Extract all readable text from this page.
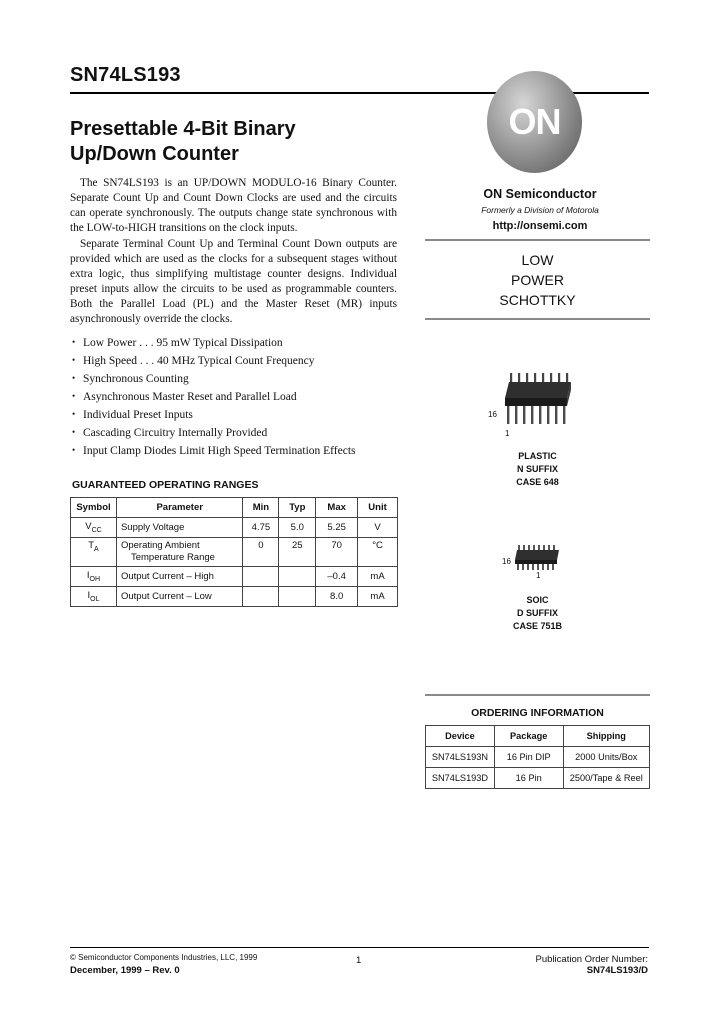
SN74LS193
Presettable 4-Bit Binary
Up/Down Counter
The SN74LS193 is an UP/DOWN MODULO-16 Binary Counter. Separate Count Up and Count Down Clocks are used and the circuits can operate synchronously. The outputs change state synchronous with the LOW-to-HIGH transitions on the clock inputs.
Separate Terminal Count Up and Terminal Count Down outputs are provided which are used as the clocks for a subsequent stages without extra logic, thus simplifying multistage counter designs. Individual preset inputs allow the circuits to be used as programmable counters. Both the Parallel Load (PL) and the Master Reset (MR) inputs asynchronously override the clocks.
• Low Power . . . 95 mW Typical Dissipation
• High Speed . . . 40 MHz Typical Count Frequency
• Synchronous Counting
• Asynchronous Master Reset and Parallel Load
• Individual Preset Inputs
• Cascading Circuitry Internally Provided
• Input Clamp Diodes Limit High Speed Termination Effects
GUARANTEED OPERATING RANGES
Symbol	Parameter	Min	Typ	Max	Unit
$V_{CC}$	Supply Voltage	4.75	5.0	5.25	V
$T_A$	Operating Ambient
Temperature Range	0	25	70	°C
$I_{OH}$	Output Current – High			–0.4	mA
$I_{OL}$	Output Current – Low			8.0	mA
ON
ON Semiconductor
Formerly a Division of Motorola
http://onsemi.com
LOW
POWER
SCHOTTKY
16
1
PLASTIC
N SUFFIX
CASE 648
16
1
SOIC
D SUFFIX
CASE 751B
ORDERING INFORMATION
Device	Package	Shipping
SN74LS193N	16 Pin DIP	2000 Units/Box
SN74LS193D	16 Pin	2500/Tape & Reel
© Semiconductor Components Industries, LLC, 1999
December, 1999 – Rev. 0
1	Publication Order Number:
SN74LS193/D
